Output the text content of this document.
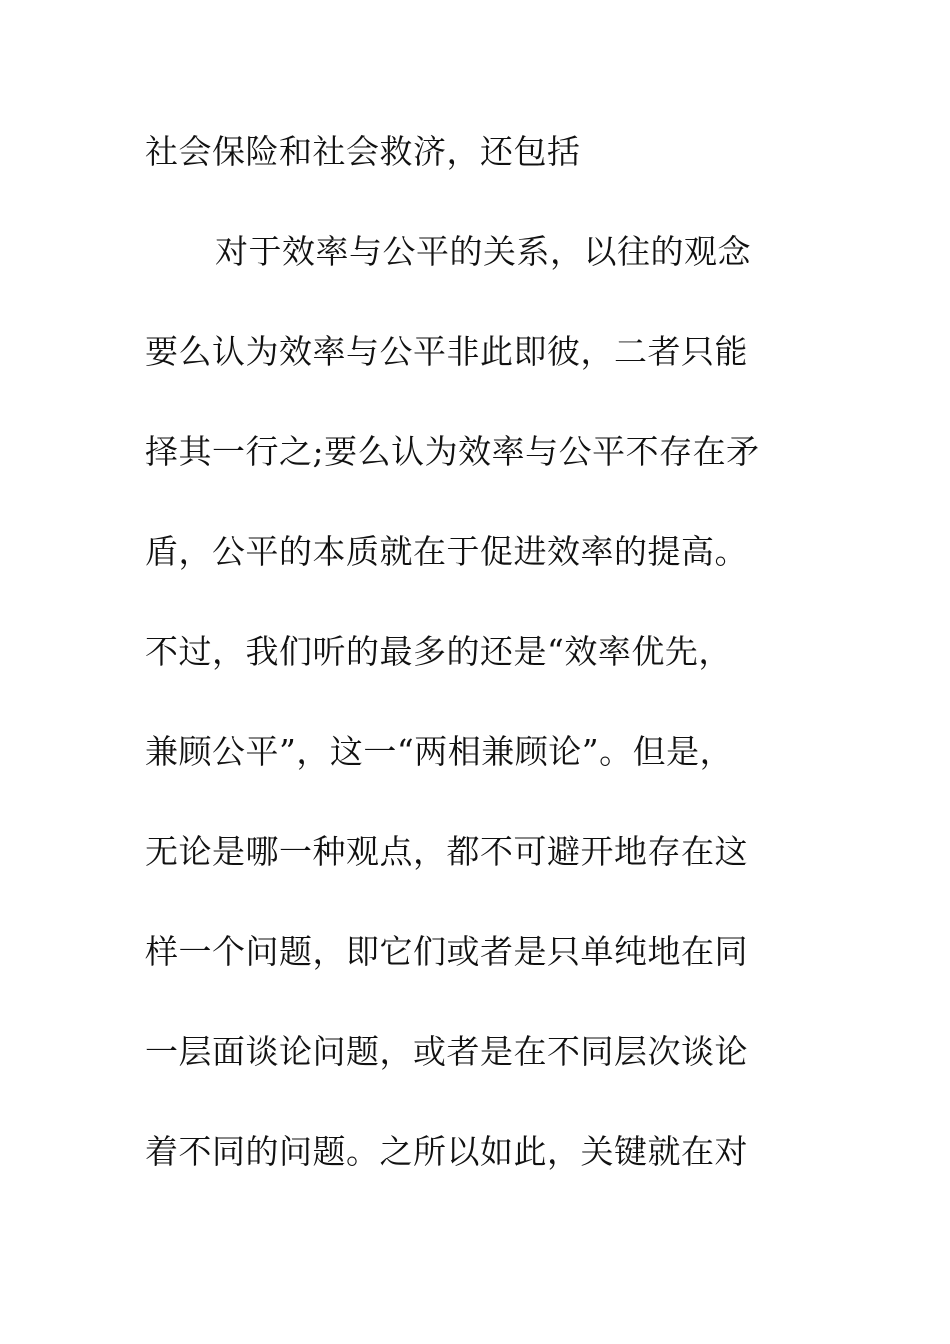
社会保险和社会救济，还包括
对于效率与公平的关系，以往的观念
要么认为效率与公平非此即彼，二者只能
择其一行之;要么认为效率与公平不存在矛
盾，公平的本质就在于促进效率的提高。
不过，我们听的最多的还是“效率优先，
兼顾公平”，这一“两相兼顾论”。但是，
无论是哪一种观点，都不可避开地存在这
样一个问题，即它们或者是只单纯地在同
一层面谈论问题，或者是在不同层次谈论
着不同的问题。之所以如此，关键就在对
